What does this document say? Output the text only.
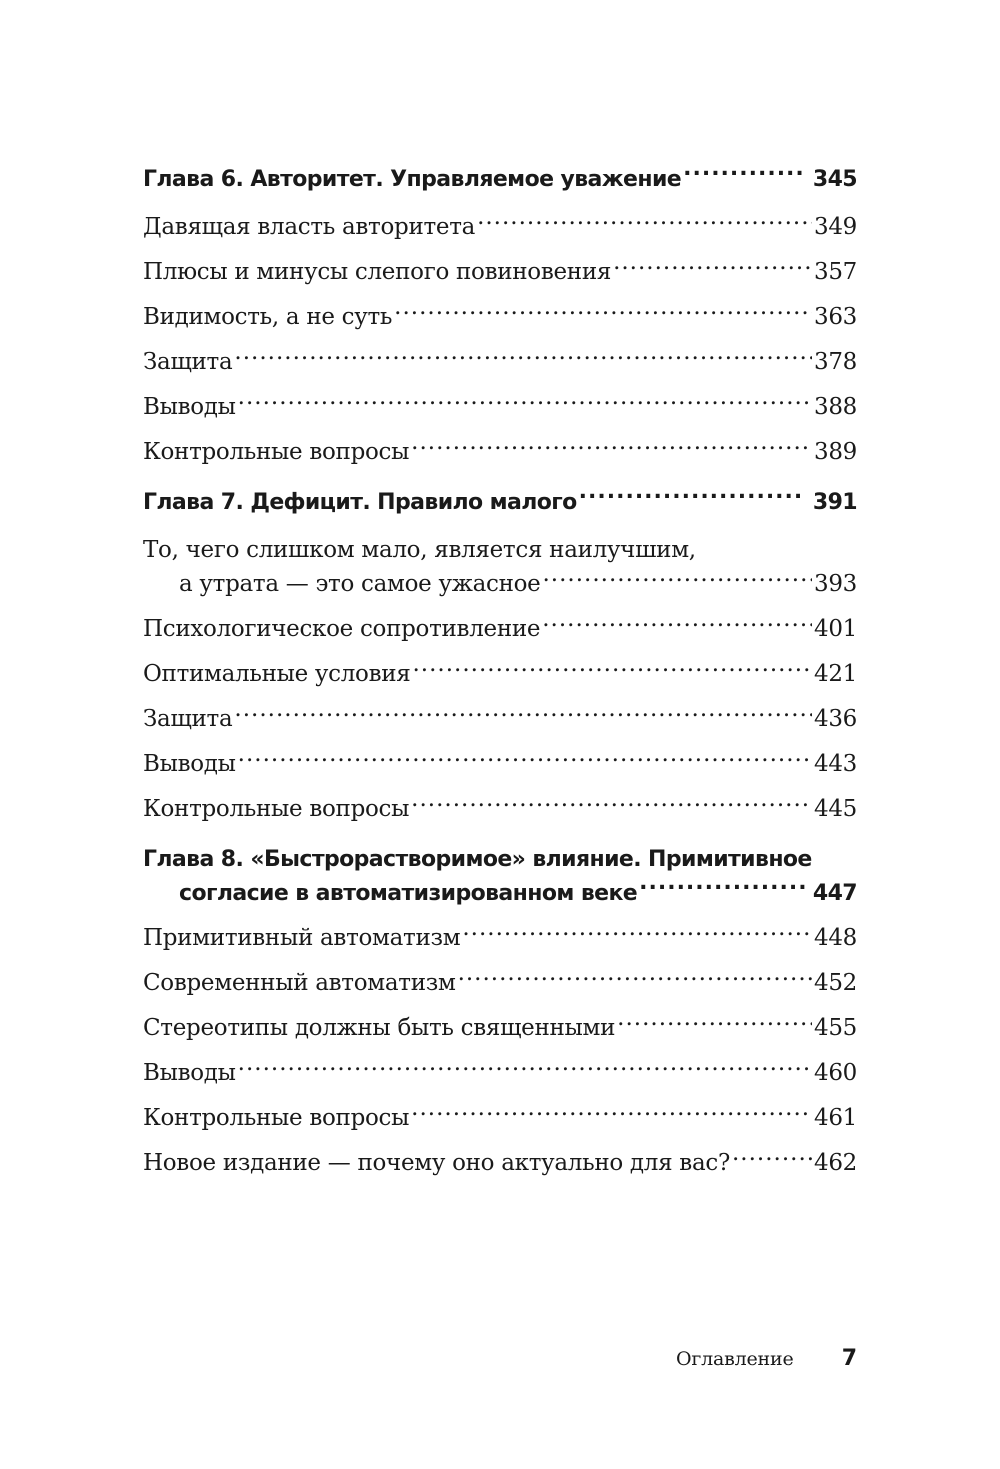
Глава 6. Авторитет. Управляемое уважение .....	345
Давящая власть авторитета .....	349
Плюсы и минусы слепого повиновения .....	357
Видимость, а не суть .....	363
Защита .....	378
Выводы .....	388
Контрольные вопросы .....	389
Глава 7. Дефицит. Правило малого .....	391
То, чего слишком мало, является наилучшим,
а утрата — это самое ужасное .....	393
Психологическое сопротивление .....	401
Оптимальные условия .....	421
Защита .....	436
Выводы .....	443
Контрольные вопросы .....	445
Глава 8. «Быстрорастворимое» влияние. Примитивное
согласие в автоматизированном веке .....	447
Примитивный автоматизм .....	448
Современный автоматизм .....	452
Стереотипы должны быть священными .....	455
Выводы .....	460
Контрольные вопросы .....	461
Новое издание — почему оно актуально для вас? .....	462
Оглавление 7
